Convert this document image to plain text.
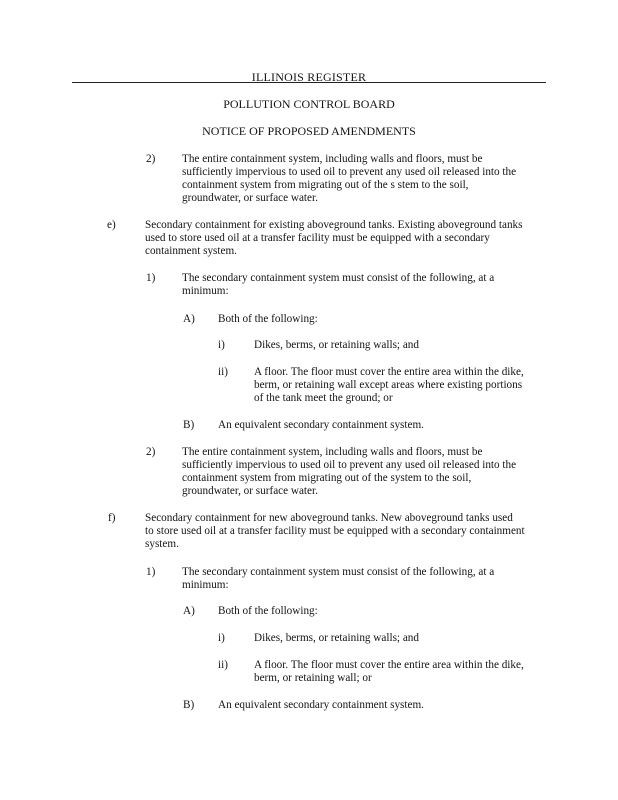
ILLINOIS REGISTER
POLLUTION CONTROL BOARD
NOTICE OF PROPOSED AMENDMENTS
2) The entire containment system, including walls and floors, must be
sufficiently impervious to used oil to prevent any used oil released into the
containment system from migrating out of the s stem to the soil,
groundwater, or surface water.
e)	Secondary containment for existing aboveground tanks. Existing aboveground tanks
used to store used oil at a transfer facility must be equipped with a secondary
containment system.
1) The secondary containment system must consist of the following, at a
minimum:
A) Both of the following:
i)	Dikes, berms, or retaining walls; and
ii) A floor. The floor must cover the entire area within the dike,
berm, or retaining wall except areas where existing portions
of the tank meet the ground; or
B) An equivalent secondary containment system.
2) The entire containment system, including walls and floors, must be
sufficiently impervious to used oil to prevent any used oil released into the
containment system from migrating out of the system to the soil,
groundwater, or surface water.
f)	Secondary containment for new aboveground tanks. New aboveground tanks used
to store used oil at a transfer facility must be equipped with a secondary containment
system.
1) The secondary containment system must consist of the following, at a
minimum:
A) Both of the following:
i)	Dikes, berms, or retaining walls; and
ii) A floor. The floor must cover the entire area within the dike,
berm, or retaining wall; or
B) An equivalent secondary containment system.
